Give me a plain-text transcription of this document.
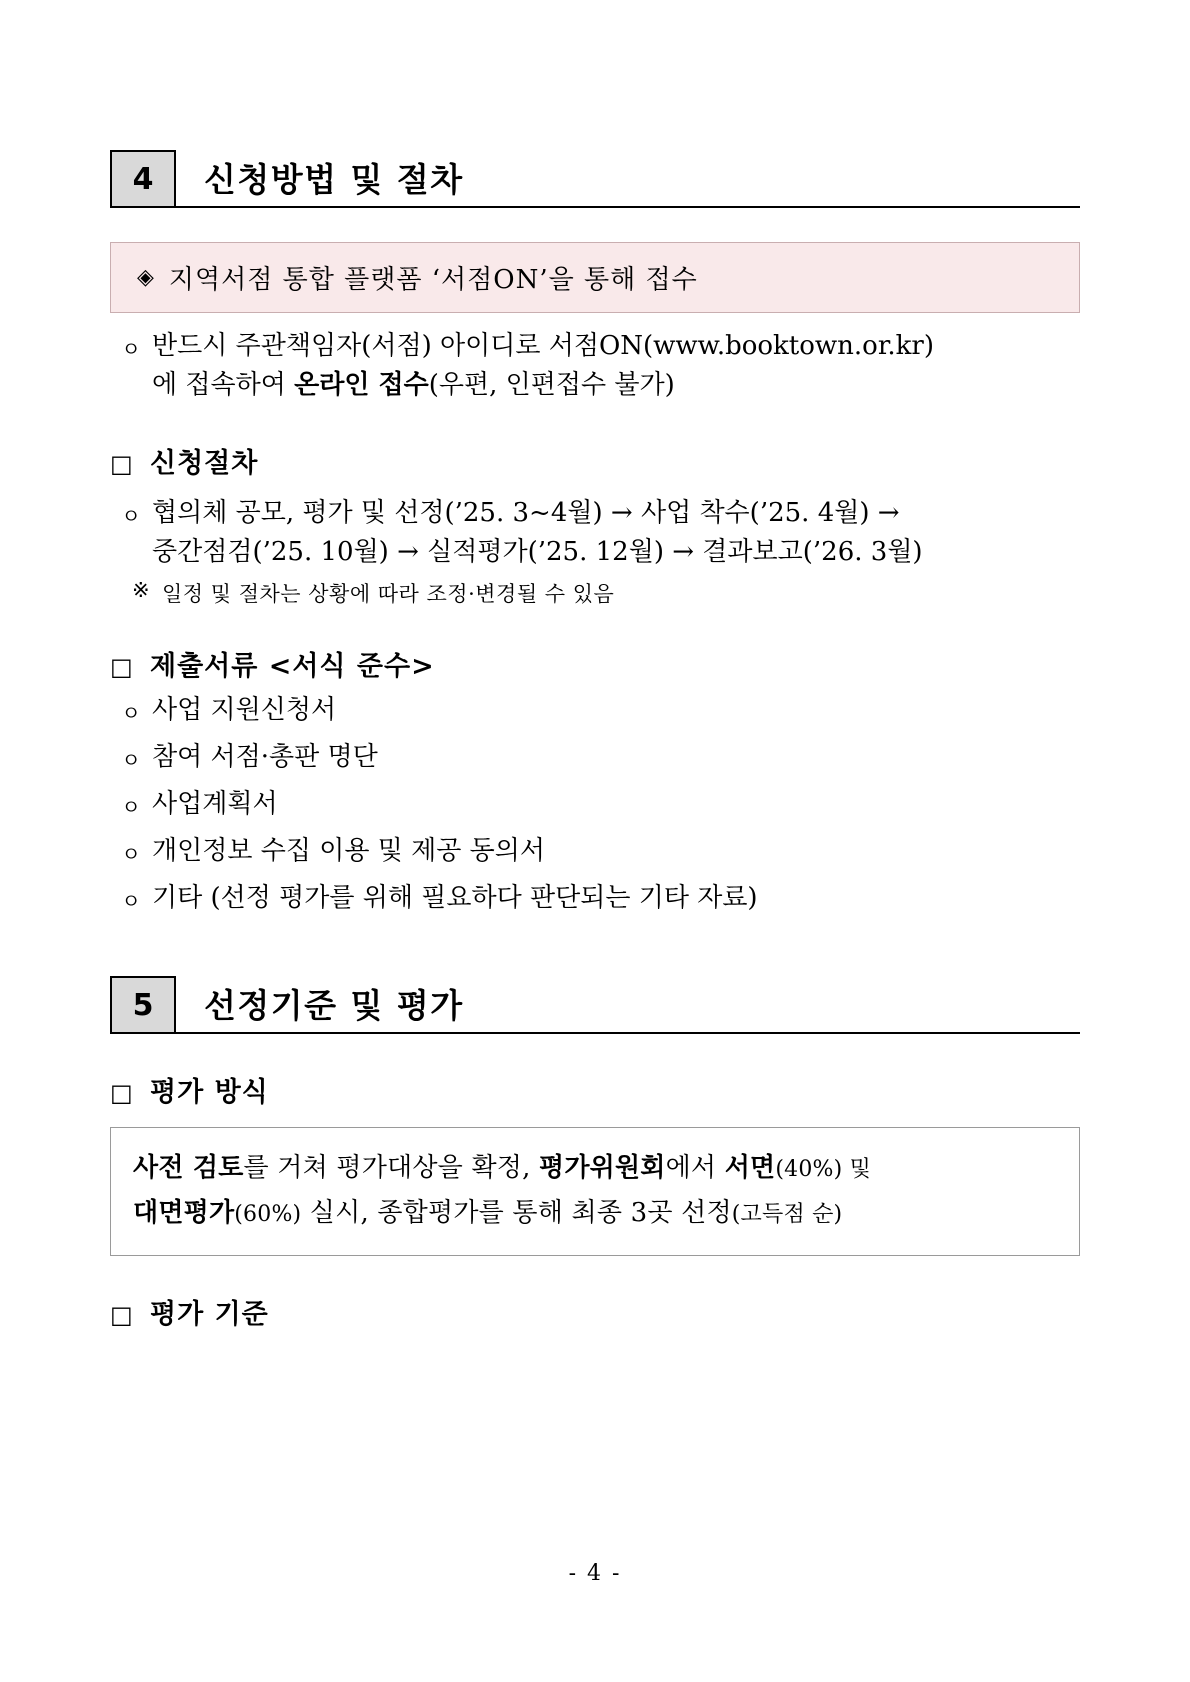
4	신청방법 및 절차
◈ 지역서점 통합 플랫폼 ‘서점ON’을 통해 접수
ㅇ 반드시 주관책임자(서점) 아이디로 서점ON(www.booktown.or.kr)
에 접속하여 온라인 접수(우편, 인편접수 불가)
□ 신청절차
ㅇ 협의체 공모, 평가 및 선정(’25. 3~4월) → 사업 착수(’25. 4월) →
중간점검(’25. 10월) → 실적평가(’25. 12월) → 결과보고(’26. 3월)
※ 일정 및 절차는 상황에 따라 조정·변경될 수 있음
□ 제출서류 <서식 준수>
ㅇ 사업 지원신청서
ㅇ 참여 서점·총판 명단
ㅇ 사업계획서
ㅇ 개인정보 수집 이용 및 제공 동의서
ㅇ 기타 (선정 평가를 위해 필요하다 판단되는 기타 자료)
5	선정기준 및 평가
□ 평가 방식
사전 검토를 거쳐 평가대상을 확정, 평가위원회에서 서면(40%) 및
대면평가(60%) 실시, 종합평가를 통해 최종 3곳 선정(고득점 순)
□ 평가 기준
- 4 -
